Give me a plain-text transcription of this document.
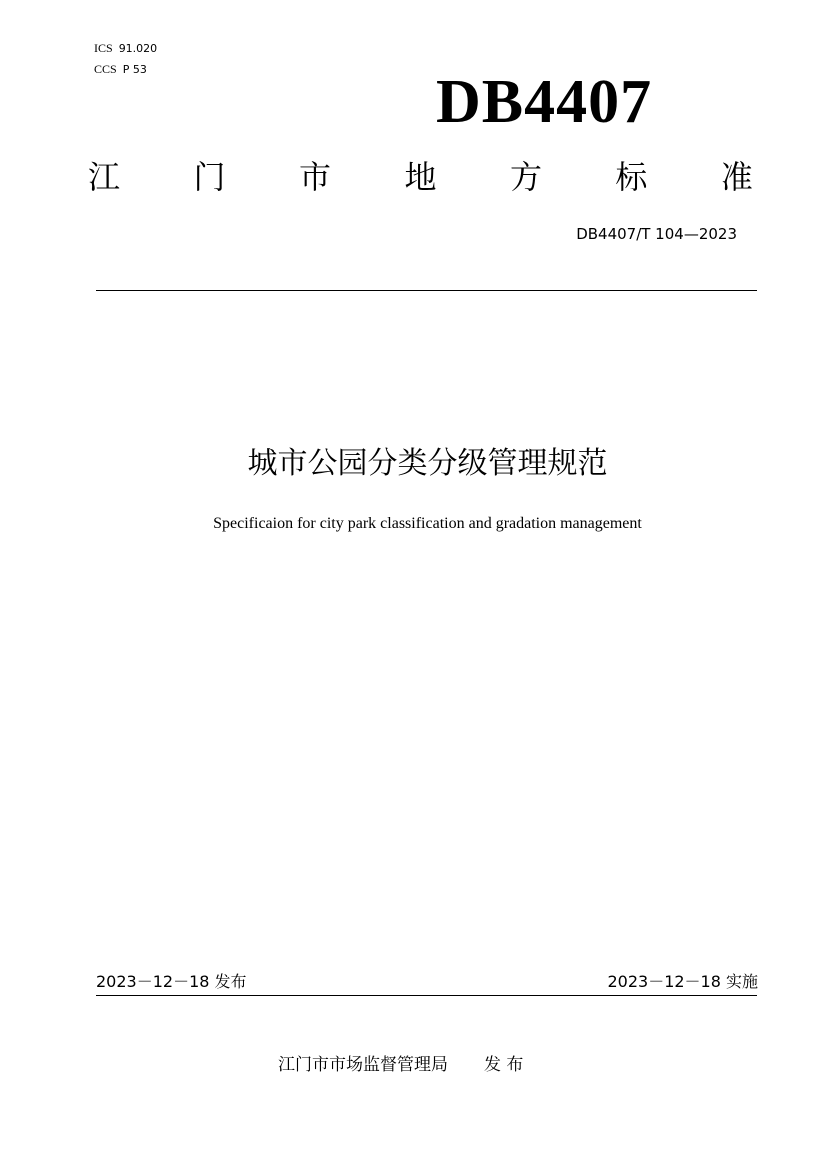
ICS 91.020
CCS P 53	DB4407
江 门 市 地 方 标 准
DB4407/T 104—2023
城市公园分类分级管理规范
Specificaion for city park classification and gradation management
2023－12－18 发布	2023－12－18 实施
江门市市场监督管理局 发 布
